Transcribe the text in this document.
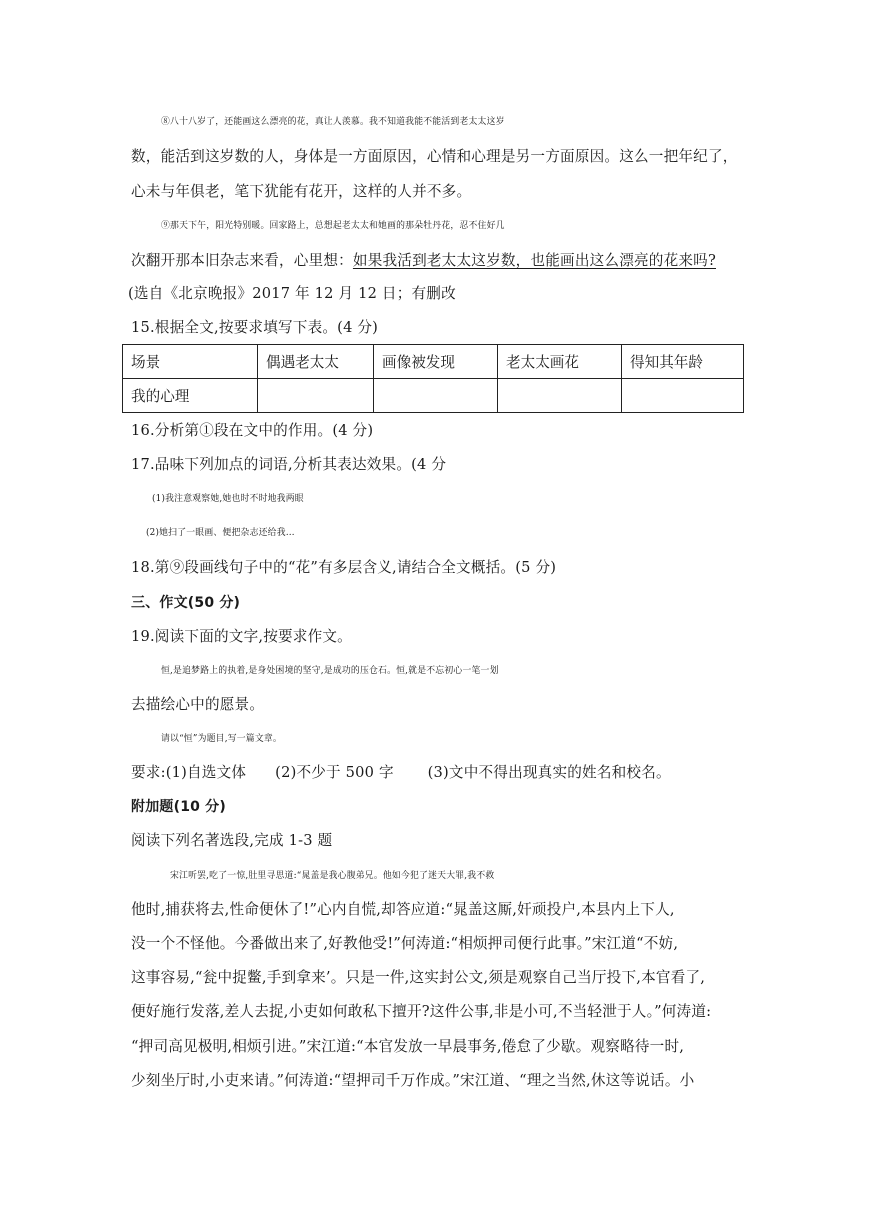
⑧八十八岁了，还能画这么漂亮的花，真让人羡慕。我不知道我能不能活到老太太这岁
数，能活到这岁数的人，身体是一方面原因，心情和心理是另一方面原因。这么一把年纪了，
心未与年俱老，笔下犹能有花开，这样的人并不多。
⑨那天下午，阳光特别暖。回家路上，总想起老太太和她画的那朵牡丹花，忍不住好几
次翻开那本旧杂志来看，心里想：如果我活到老太太这岁数，也能画出这么漂亮的花来吗?
(选自《北京晚报》2017 年 12 月 12 日；有删改
15.根据全文,按要求填写下表。(4 分)
场景	偶遇老太太	画像被发现	老太太画花	得知其年龄
我的心理				
16.分析第①段在文中的作用。(4 分)
17.品味下列加点的词语,分析其表达效果。(4 分
(1)我注意观察她,她也时不时地我两眼
(2)她扫了一眼画、便把杂志还给我…
18.第⑨段画线句子中的“花”有多层含义,请结合全文概括。(5 分)
三、作文(50 分)
19.阅读下面的文字,按要求作文。
恒,是追梦路上的执着,是身处困境的坚守,是成功的压仓石。恒,就是不忘初心一笔一划
去描绘心中的愿景。
请以“恒”为题目,写一篇文章。
要求:(1)自选文体      (2)不少于 500 字       (3)文中不得出现真实的姓名和校名。
附加题(10 分)
阅读下列名著选段,完成 1-3 题
宋江听罢,吃了一惊,肚里寻思道:“晁盖是我心腹弟兄。他如今犯了迷天大罪,我不救
他时,捕获将去,性命便休了!”心内自慌,却答应道:“晁盖这厮,奸顽投户,本县内上下人,
没一个不怪他。今番做出来了,好教他受!”何涛道:“相烦押司便行此事。”宋江道“不妨,
这事容易,“瓮中捉鳖,手到拿来’。只是一件,这实封公文,须是观察自己当厅投下,本官看了,
便好施行发落,差人去捉,小吏如何敢私下擅开?这件公事,非是小可,不当轻泄于人。”何涛道:
“押司高见极明,相烦引进。”宋江道:“本官发放一早晨事务,倦怠了少歇。观察略待一时,
少刻坐厅时,小吏来请。”何涛道:“望押司千万作成。”宋江道、“理之当然,休这等说话。小
